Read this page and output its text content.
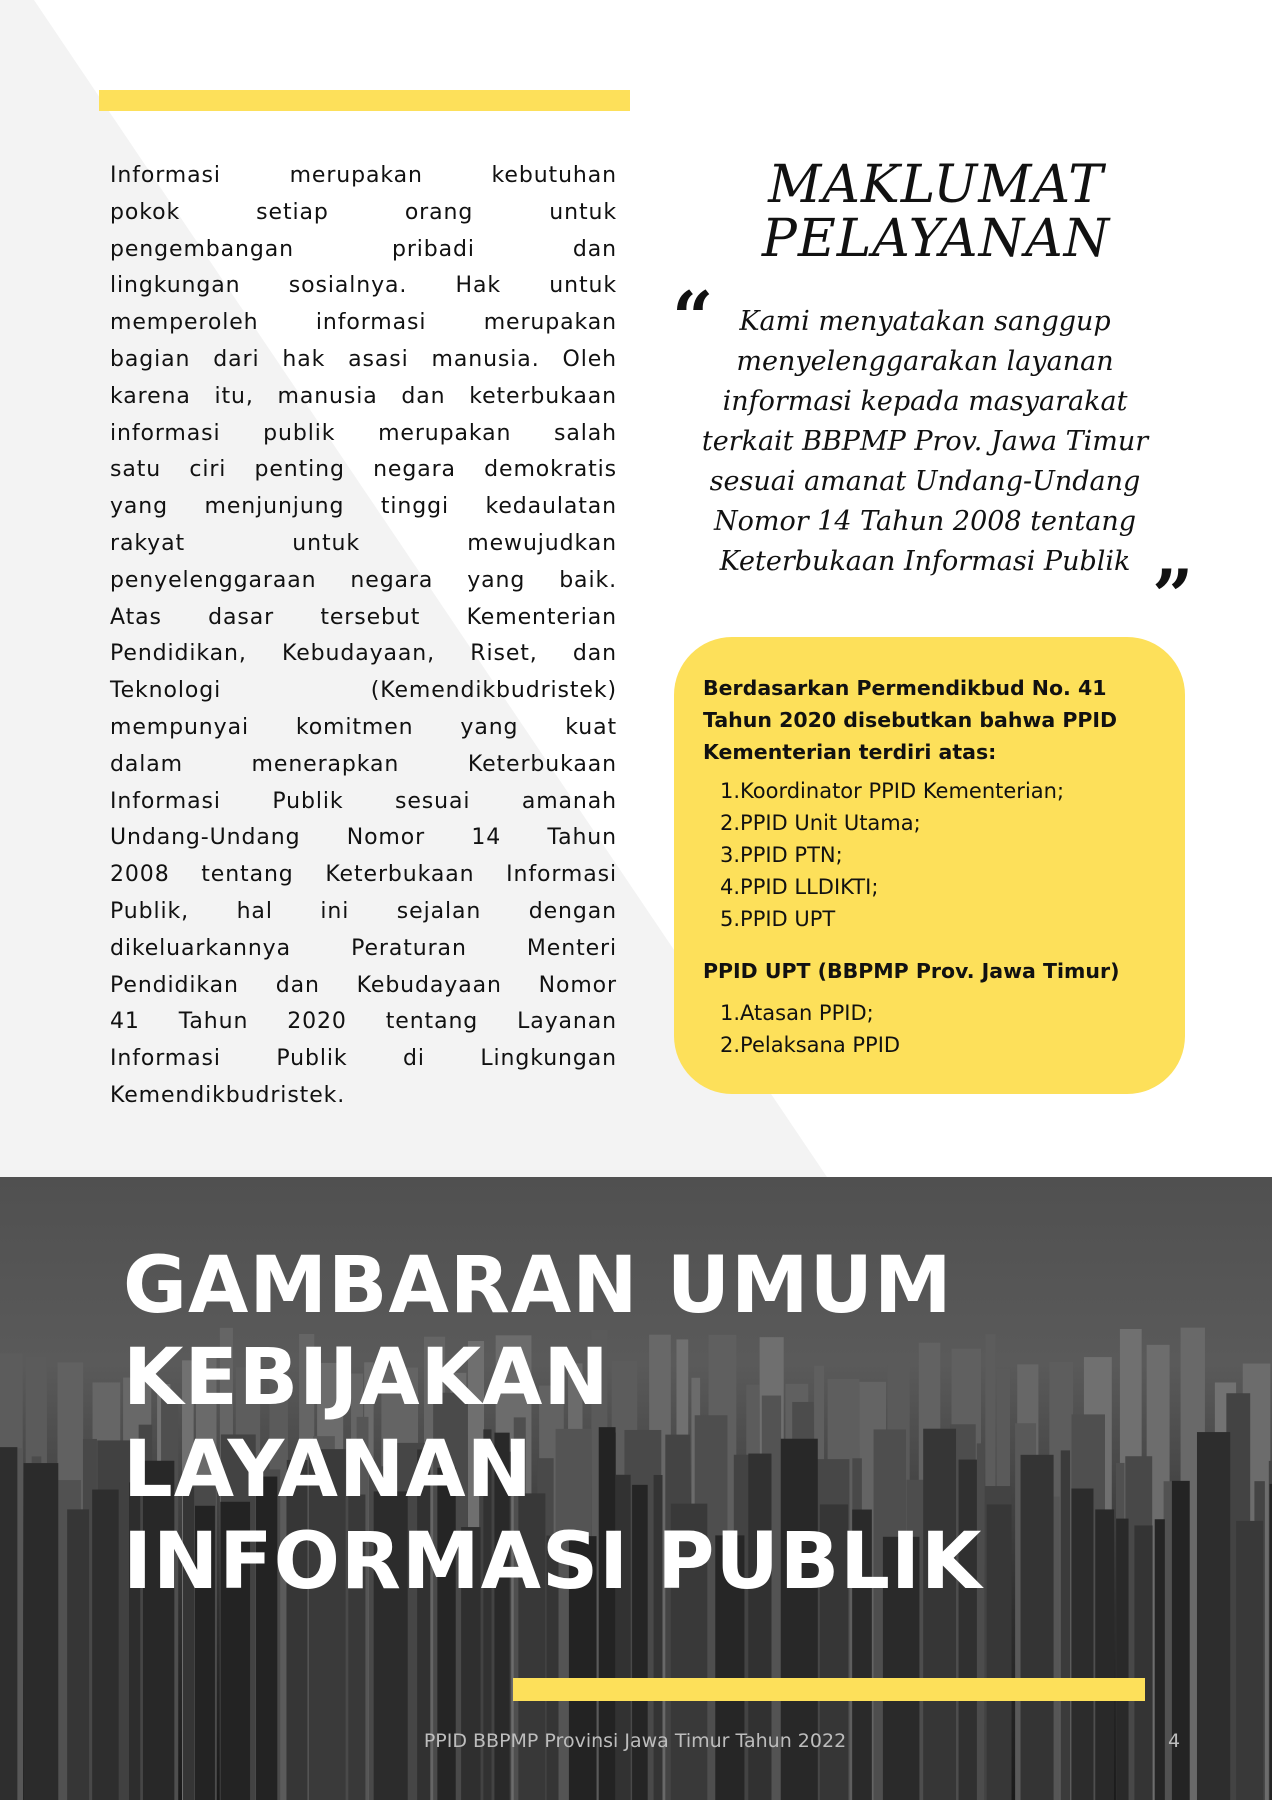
Informasi merupakan kebutuhan
pokok setiap orang untuk
pengembangan pribadi dan
lingkungan sosialnya. Hak untuk
memperoleh informasi merupakan
bagian dari hak asasi manusia. Oleh
karena itu, manusia dan keterbukaan
informasi publik merupakan salah
satu ciri penting negara demokratis
yang menjunjung tinggi kedaulatan
rakyat untuk mewujudkan
penyelenggaraan negara yang baik.
Atas dasar tersebut Kementerian
Pendidikan, Kebudayaan, Riset, dan
Teknologi (Kemendikbudristek)
mempunyai komitmen yang kuat
dalam menerapkan Keterbukaan
Informasi Publik sesuai amanah
Undang-Undang Nomor 14 Tahun
2008 tentang Keterbukaan Informasi
Publik, hal ini sejalan dengan
dikeluarkannya Peraturan Menteri
Pendidikan dan Kebudayaan Nomor
41 Tahun 2020 tentang Layanan
Informasi Publik di Lingkungan
Kemendikbudristek.
MAKLUMAT
PELAYANAN
“ Kami menyatakan sanggup
menyelenggarakan layanan
informasi kepada masyarakat
terkait BBPMP Prov. Jawa Timur
sesuai amanat Undang-Undang
Nomor 14 Tahun 2008 tentang
Keterbukaan Informasi Publik ”
Berdasarkan Permendikbud No. 41
Tahun 2020 disebutkan bahwa PPID
Kementerian terdiri atas:
1.Koordinator PPID Kementerian;
2.PPID Unit Utama;
3.PPID PTN;
4.PPID LLDIKTI;
5.PPID UPT
PPID UPT (BBPMP Prov. Jawa Timur)
1.Atasan PPID;
2.Pelaksana PPID
GAMBARAN UMUM
KEBIJAKAN
LAYANAN
INFORMASI PUBLIK
PPID BBPMP Provinsi Jawa Timur Tahun 2022	4
